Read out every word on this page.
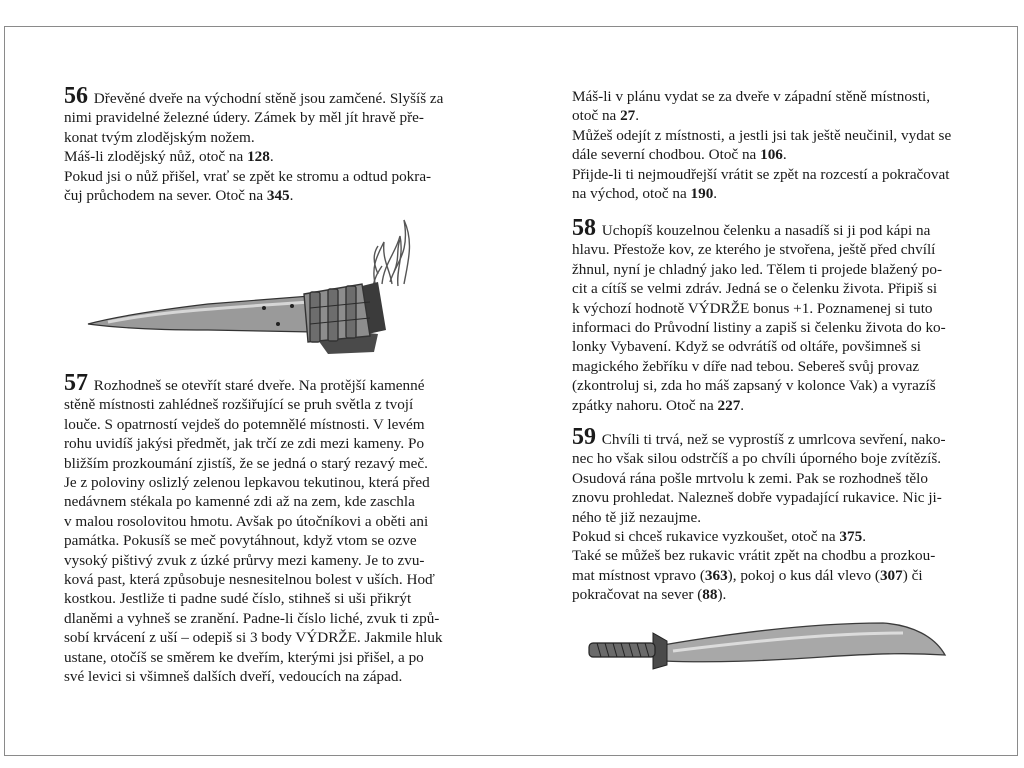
56 Dřevěné dveře na východní stěně jsou zamčené. Slyšíš za
nimi pravidelné železné údery. Zámek by měl jít hravě pře-
konat tvým zlodějským nožem.

Máš-li zlodějský nůž, otoč na 128.

Pokud jsi o nůž přišel, vrať se zpět ke stromu a odtud pokra-
čuj průchodem na sever. Otoč na 345.

57 Rozhodneš se otevřít staré dveře. Na protější kamenné
stěně místnosti zahlédneš rozšiřující se pruh světla z tvojí
louče. S opatrností vejdeš do potemnělé místnosti. V levém
rohu uvidíš jakýsi předmět, jak trčí ze zdi mezi kameny. Po
bližším prozkoumání zjistíš, že se jedná o starý rezavý meč.
Je z poloviny oslizlý zelenou lepkavou tekutinou, která před
nedávnem stékala po kamenné zdi až na zem, kde zaschla
v malou rosolovitou hmotu. Avšak po útočníkovi a oběti ani
památka. Pokusíš se meč povytáhnout, když vtom se ozve
vysoký pištivý zvuk z úzké průrvy mezi kameny. Je to zvu-
ková past, která způsobuje nesnesitelnou bolest v uších. Hoď
kostkou. Jestliže ti padne sudé číslo, stihneš si uši přikrýt
dlaněmi a vyhneš se zranění. Padne-li číslo liché, zvuk ti způ-
sobí krvácení z uší – odepiš si 3 body VÝDRŽE. Jakmile hluk
ustane, otočíš se směrem ke dveřím, kterými jsi přišel, a po
své levici si všimneš dalších dveří, vedoucích na západ.

Máš-li v plánu vydat se za dveře v západní stěně místnosti,
otoč na 27.

Můžeš odejít z místnosti, a jestli jsi tak ještě neučinil, vydat se
dále severní chodbou. Otoč na 106.

Přijde-li ti nejmoudřejší vrátit se zpět na rozcestí a pokračovat
na východ, otoč na 190.

58 Uchopíš kouzelnou čelenku a nasadíš si ji pod kápi na
hlavu. Přestože kov, ze kterého je stvořena, ještě před chvílí
žhnul, nyní je chladný jako led. Tělem ti projede blažený po-
cit a cítíš se velmi zdráv. Jedná se o čelenku života. Připiš si
k výchozí hodnotě VÝDRŽE bonus +1. Poznamenej si tuto
informaci do Průvodní listiny a zapiš si čelenku života do ko-
lonky Vybavení. Když se odvrátíš od oltáře, povšimneš si
magického žebříku v díře nad tebou. Sebereš svůj provaz
(zkontroluj si, zda ho máš zapsaný v kolonce Vak) a vyrazíš
zpátky nahoru. Otoč na 227.

59 Chvíli ti trvá, než se vyprostíš z umrlcova sevření, nako-
nec ho však silou odstrčíš a po chvíli úporného boje zvítězíš.
Osudová rána pošle mrtvolu k zemi. Pak se rozhodneš tělo
znovu prohledat. Nalezneš dobře vypadající rukavice. Nic ji-
ného tě již nezaujme.

Pokud si chceš rukavice vyzkoušet, otoč na 375.

Také se můžeš bez rukavic vrátit zpět na chodbu a prozkou-
mat místnost vpravo (363), pokoj o kus dál vlevo (307) či
pokračovat na sever (88).
